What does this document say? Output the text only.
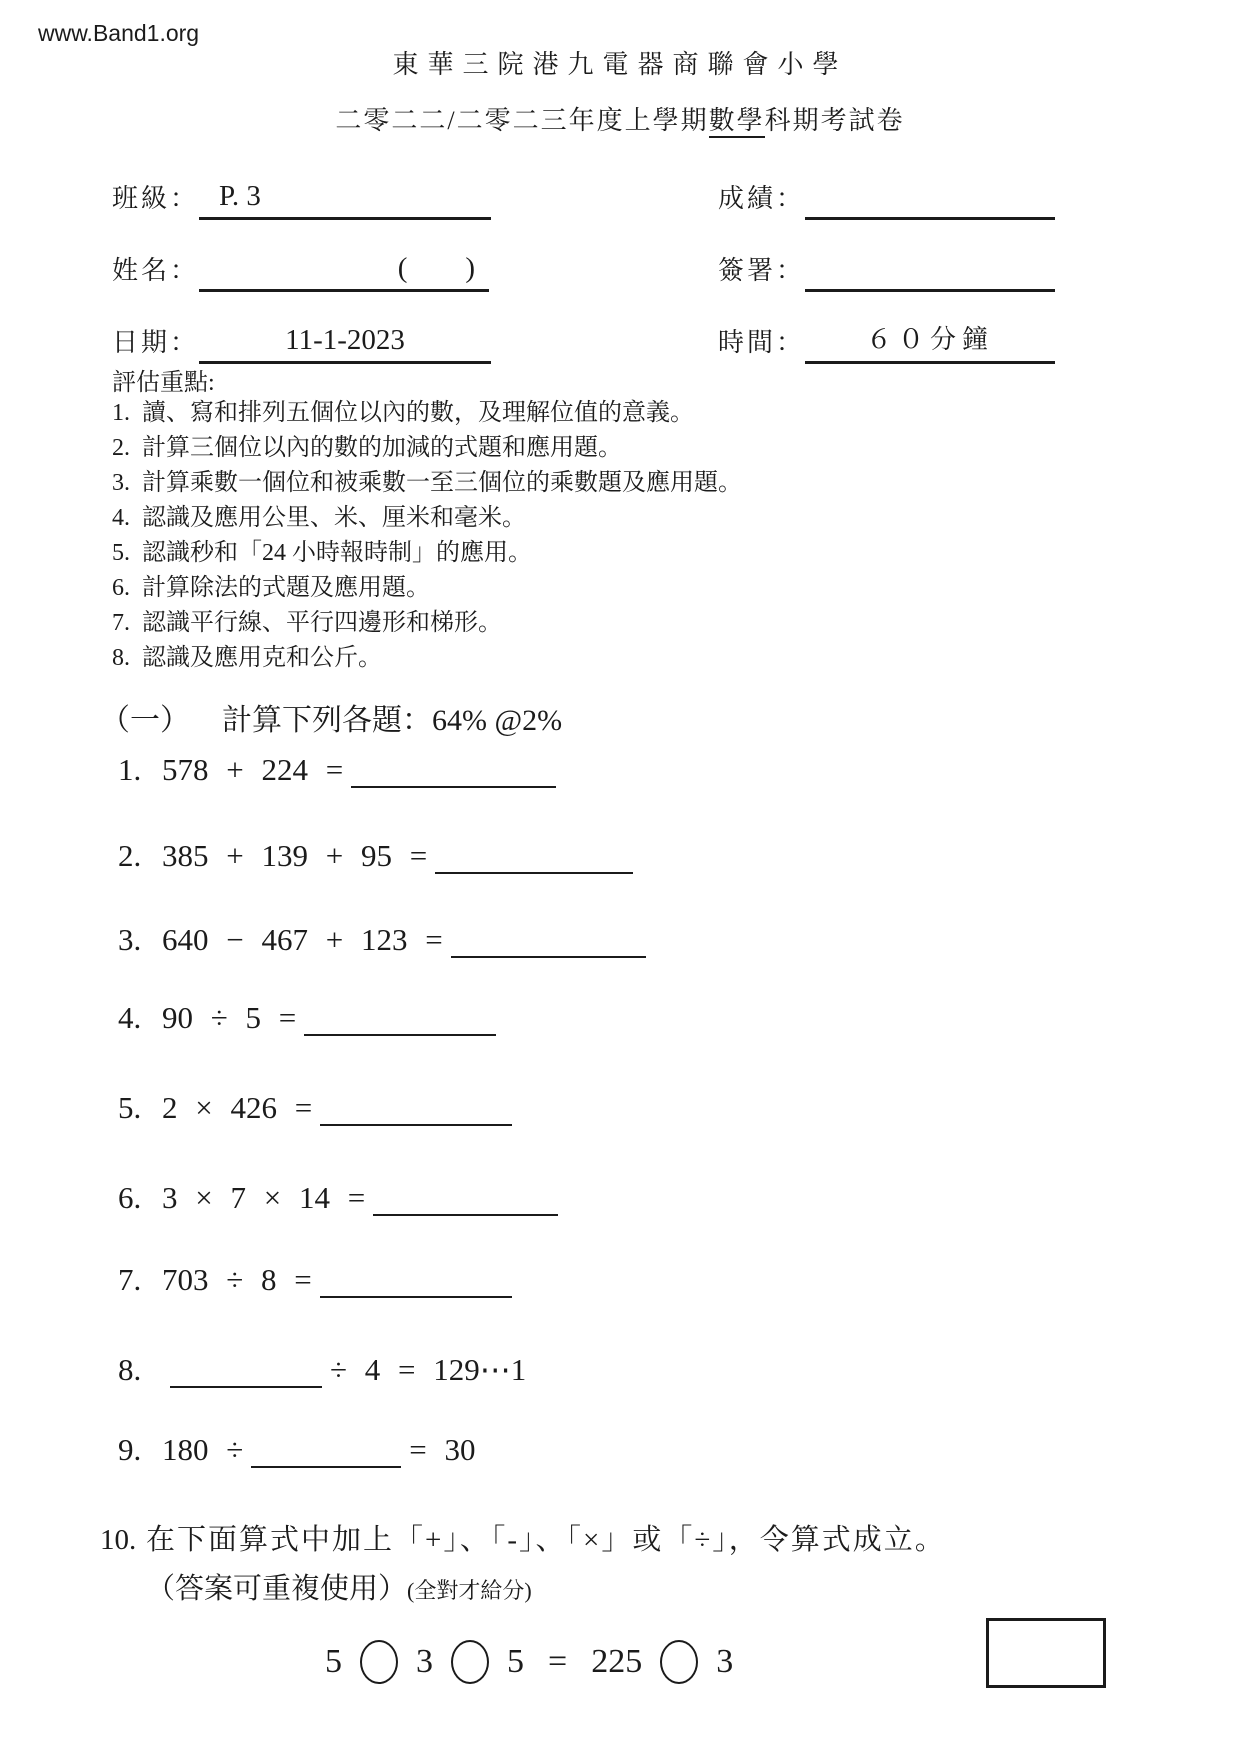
www.Band1.org
東華三院港九電器商聯會小學
二零二二/二零二三年度上學期數學科期考試卷
班級： P. 3	成績：
姓名：	(　　)	簽署：
日期：	11-1-2023	時間：	６０分鐘
評估重點:
1. 讀、寫和排列五個位以內的數，及理解位值的意義。
2. 計算三個位以內的數的加減的式題和應用題。
3. 計算乘數一個位和被乘數一至三個位的乘數題及應用題。
4. 認識及應用公里、米、厘米和毫米。
5. 認識秒和「24 小時報時制」的應用。
6. 計算除法的式題及應用題。
7. 認識平行線、平行四邊形和梯形。
8. 認識及應用克和公斤。
（一） 計算下列各題：64% @2%
1. 578 + 224 =
2. 385 + 139 + 95 =
3. 640 − 467 + 123 =
4. 90 ÷ 5 =
5. 2 × 426 =
6. 3 × 7 × 14 =
7. 703 ÷ 8 =
8.	÷ 4 = 129⋯1
9. 180 ÷	= 30
10. 在下面算式中加上「+」、「-」、「×」或「÷」，令算式成立。
（答案可重複使用）(全對才給分)
5 3 5 = 225 3
